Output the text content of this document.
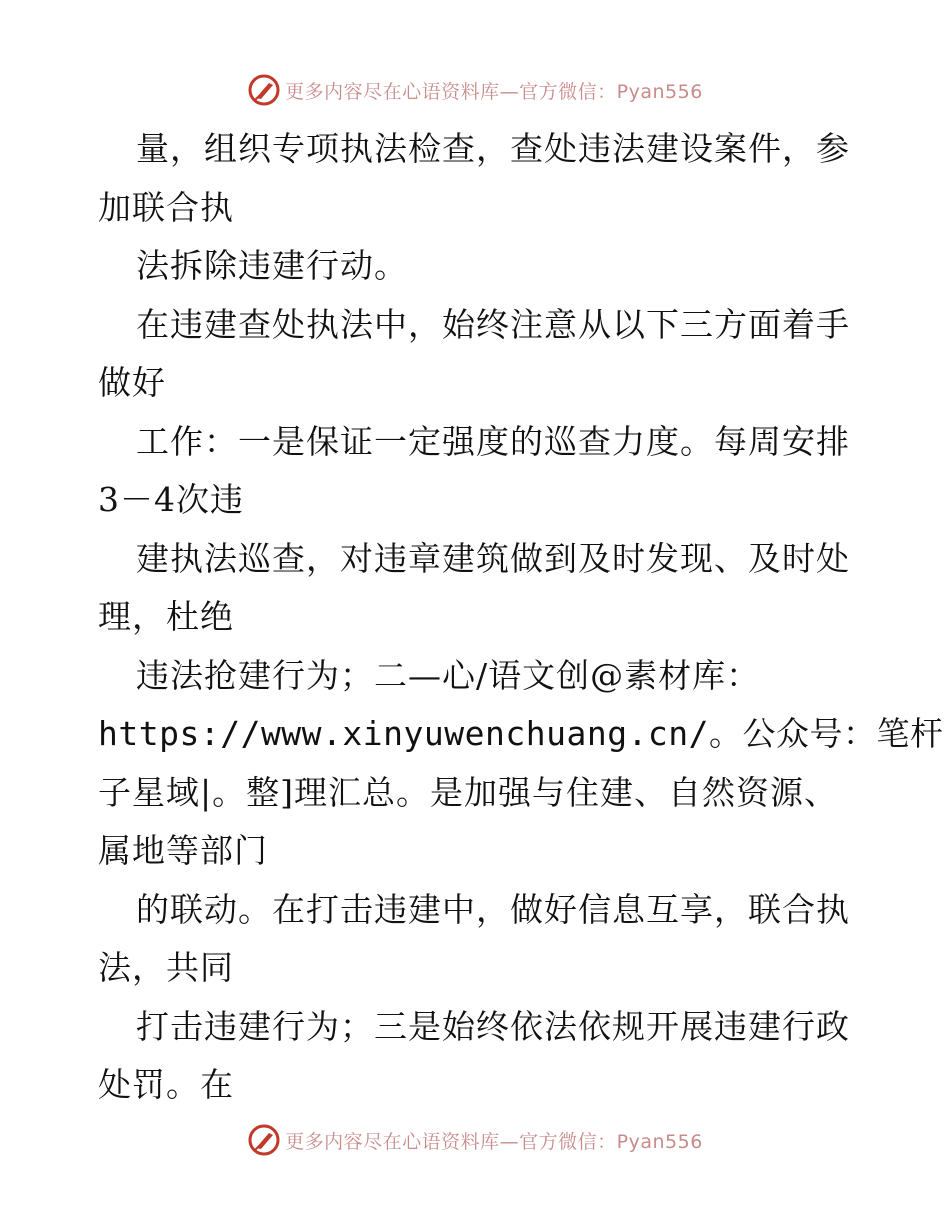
更多内容尽在心语资料库—官方微信：Pyan556
量，组织专项执法检查，查处违法建设案件，参
加联合执
法拆除违建行动。
在违建查处执法中，始终注意从以下三方面着手
做好
工作：一是保证一定强度的巡查力度。每周安排
3－4次违
建执法巡查，对违章建筑做到及时发现、及时处
理，杜绝
违法抢建行为；二—心/语文创@素材库：
https://www.xinyuwenchuang.cn/。公众号：笔杆
子星域|。整]理汇总。是加强与住建、自然资源、
属地等部门
的联动。在打击违建中，做好信息互享，联合执
法，共同
打击违建行为；三是始终依法依规开展违建行政
处罚。在
更多内容尽在心语资料库—官方微信：Pyan556
